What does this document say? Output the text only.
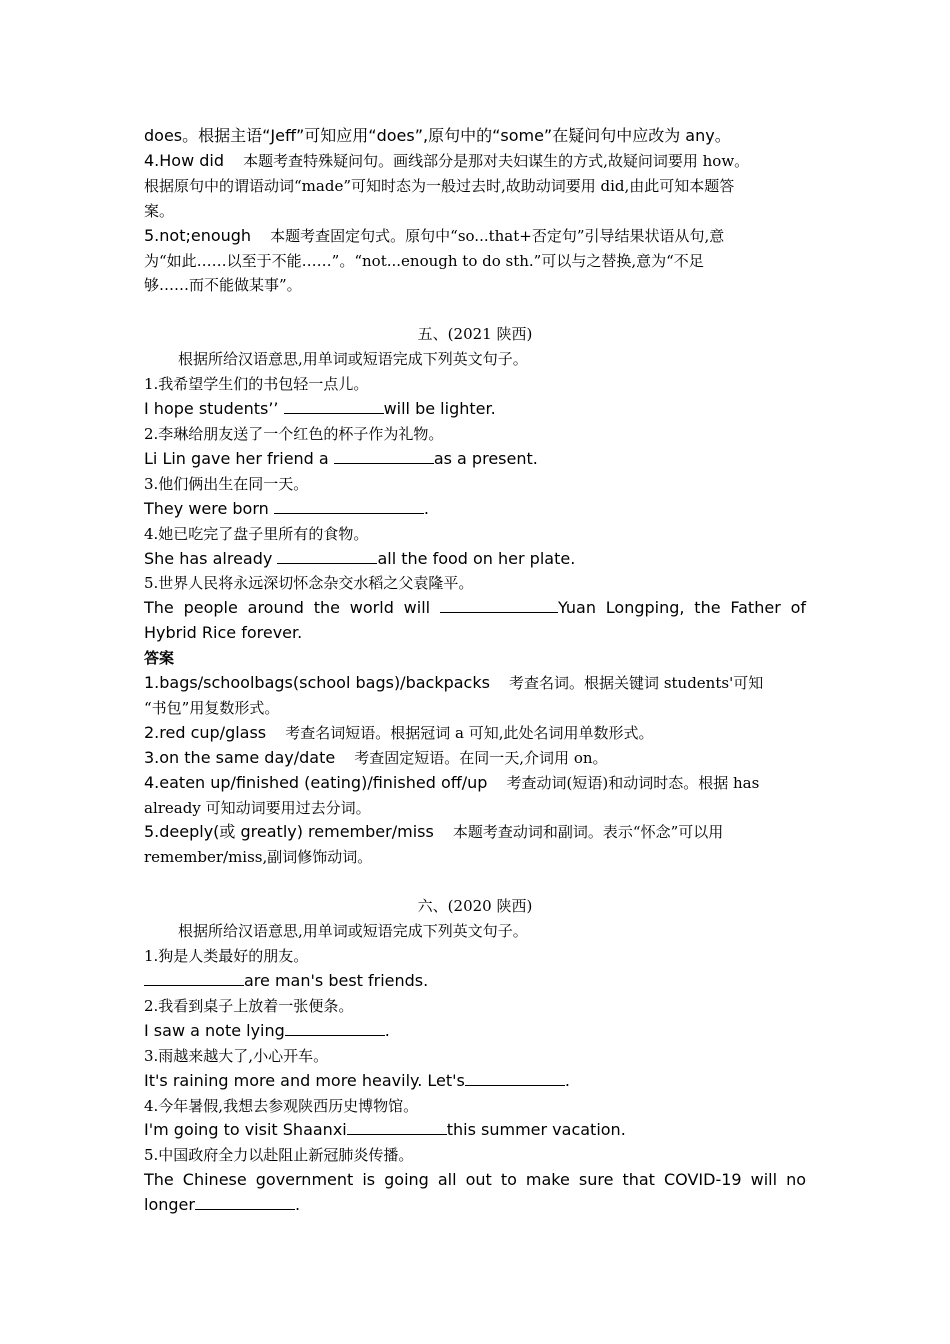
does。根据主语“Jeff”可知应用“does”,原句中的“some”在疑问句中应改为 any。
4.How did 本题考查特殊疑问句。画线部分是那对夫妇谋生的方式,故疑问词要用 how。
根据原句中的谓语动词“made”可知时态为一般过去时,故助动词要用 did,由此可知本题答
案。
5.not;enough 本题考查固定句式。原句中“so...that+否定句”引导结果状语从句,意
为“如此……以至于不能……”。“not...enough to do sth.”可以与之替换,意为“不足
够……而不能做某事”。
五、(2021 陕西)
根据所给汉语意思,用单词或短语完成下列英文句子。
1.我希望学生们的书包轻一点儿。
I hope students’’	will be lighter.
2.李琳给朋友送了一个红色的杯子作为礼物。
Li Lin gave her friend a	as a present.
3.他们俩出生在同一天。
They were born	.
4.她已吃完了盘子里所有的食物。
She has already	all the food on her plate.
5.世界人民将永远深切怀念杂交水稻之父袁隆平。
The people around the world will	Yuan Longping, the Father of
Hybrid Rice forever.
答案
1.bags/schoolbags(school bags)/backpacks 考查名词。根据关键词 students'可知
“书包”用复数形式。
2.red cup/glass 考查名词短语。根据冠词 a 可知,此处名词用单数形式。
3.on the same day/date 考查固定短语。在同一天,介词用 on。
4.eaten up/finished (eating)/finished off/up 考查动词(短语)和动词时态。根据 has
already 可知动词要用过去分词。
5.deeply(或 greatly) remember/miss 本题考查动词和副词。表示“怀念”可以用
remember/miss,副词修饰动词。
六、(2020 陕西)
根据所给汉语意思,用单词或短语完成下列英文句子。
1.狗是人类最好的朋友。
are man's best friends.
2.我看到桌子上放着一张便条。
I saw a note lying	.
3.雨越来越大了,小心开车。
It's raining more and more heavily. Let's	.
4.今年暑假,我想去参观陕西历史博物馆。
I'm going to visit Shaanxi	this summer vacation.
5.中国政府全力以赴阻止新冠肺炎传播。
The Chinese government is going all out to make sure that COVID-19 will no
longer	.
